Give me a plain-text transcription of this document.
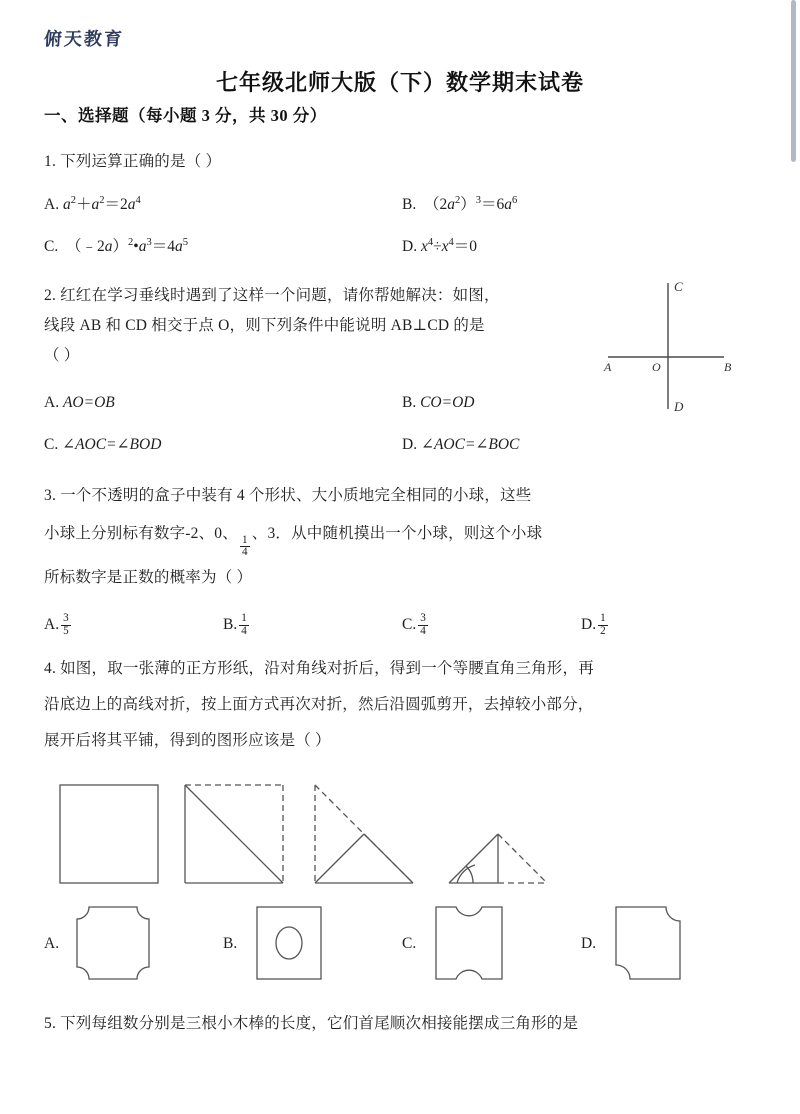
俯天教育
七年级北师大版（下）数学期末试卷
一、选择题（每小题 3 分，共 30 分）
1. 下列运算正确的是（ ）
A. $a^2+a^2=2a^4$	B.  $(2a^2)^3=6a^6$
C.  $(﹣2a)^2•a^3=4a^5$	D. $x^4\div x^4=0$
C
D
A	B
O
2. 红红在学习垂线时遇到了这样一个问题，请你帮她解决：如图，
线段 AB 和 CD 相交于点 O，则下列条件中能说明 AB⊥CD 的是
（ ）
A. AO=OB	B. CO=OD
C. ∠AOC=∠BOD	D. ∠AOC=∠BOC
3. 一个不透明的盒子中装有 4 个形状、大小质地完全相同的小球，这些
小球上分别标有数字-2、0、
$\frac{1}{4}$
、3．从中随机摸出一个小球，则这个小球
所标数字是正数的概率为（ ）
A. $\frac{3}{5}$	B. $\frac{1}{4}$	C. $\frac{3}{4}$	D. $\frac{1}{2}$
4. 如图，取一张薄的正方形纸，沿对角线对折后，得到一个等腰直角三角形，再
沿底边上的高线对折，按上面方式再次对折，然后沿圆弧剪开，去掉较小部分，
展开后将其平铺，得到的图形应该是（ ）
A.	B.	C.	D.
5. 下列每组数分别是三根小木棒的长度，它们首尾顺次相接能摆成三角形的是
